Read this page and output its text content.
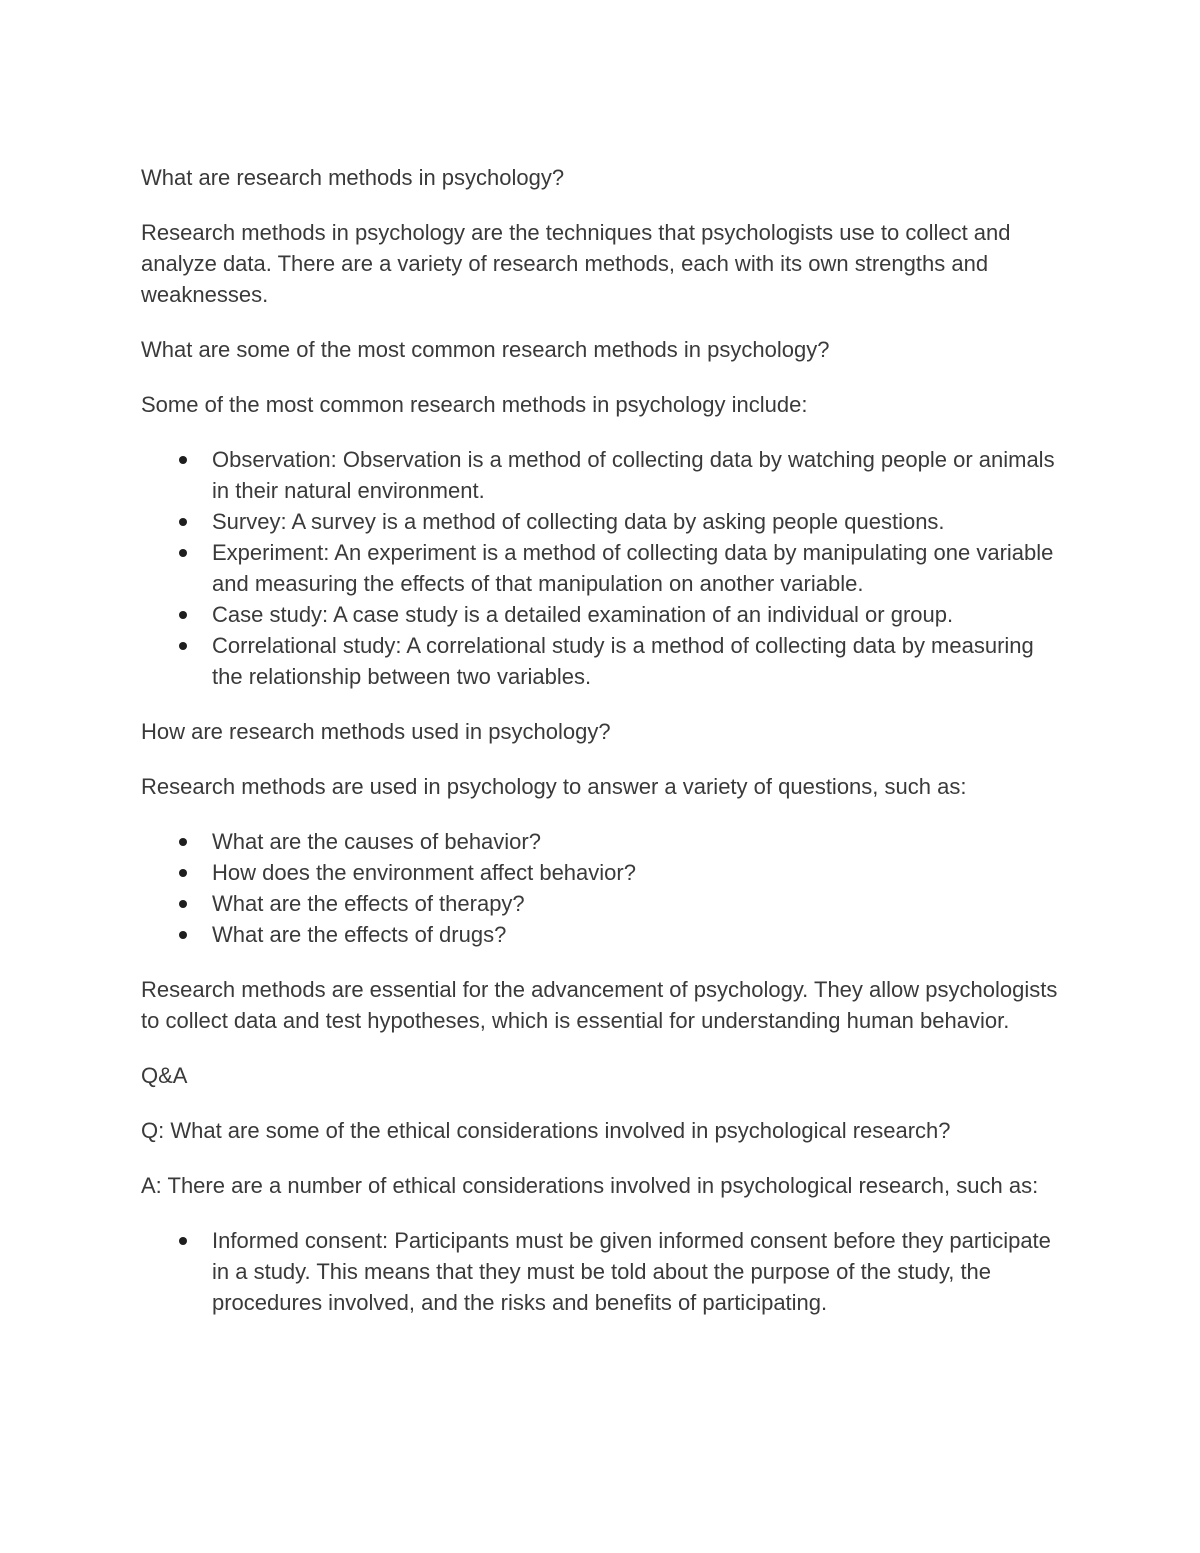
What are research methods in psychology?

Research methods in psychology are the techniques that psychologists use to collect and analyze data. There are a variety of research methods, each with its own strengths and weaknesses.

What are some of the most common research methods in psychology?

Some of the most common research methods in psychology include:

Observation: Observation is a method of collecting data by watching people or animals in their natural environment.
Survey: A survey is a method of collecting data by asking people questions.
Experiment: An experiment is a method of collecting data by manipulating one variable and measuring the effects of that manipulation on another variable.
Case study: A case study is a detailed examination of an individual or group.
Correlational study: A correlational study is a method of collecting data by measuring the relationship between two variables.

How are research methods used in psychology?

Research methods are used in psychology to answer a variety of questions, such as:

What are the causes of behavior?
How does the environment affect behavior?
What are the effects of therapy?
What are the effects of drugs?

Research methods are essential for the advancement of psychology. They allow psychologists to collect data and test hypotheses, which is essential for understanding human behavior.

Q&A

Q: What are some of the ethical considerations involved in psychological research?

A: There are a number of ethical considerations involved in psychological research, such as:

Informed consent: Participants must be given informed consent before they participate in a study. This means that they must be told about the purpose of the study, the procedures involved, and the risks and benefits of participating.
